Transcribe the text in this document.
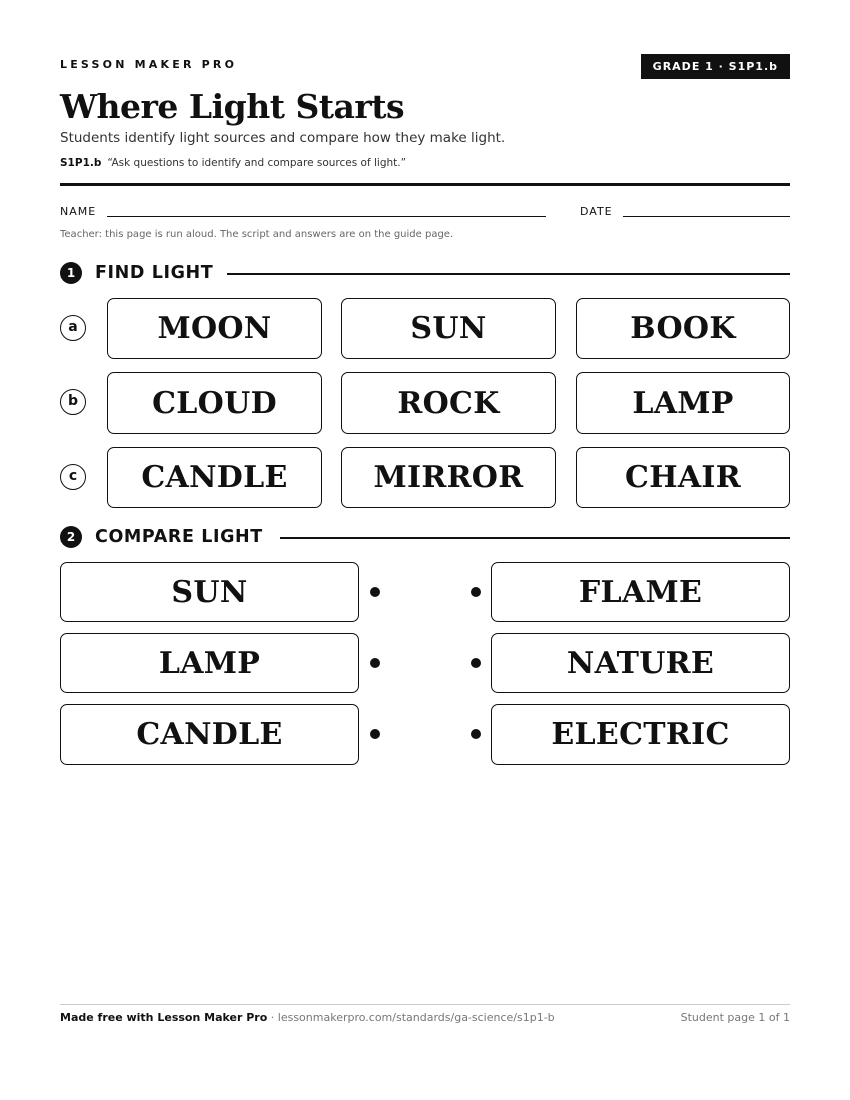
LESSON MAKER PRO	GRADE 1 · S1P1.b
Where Light Starts
Students identify light sources and compare how they make light.
S1P1.b “Ask questions to identify and compare sources of light.”
NAME	DATE
Teacher: this page is run aloud. The script and answers are on the guide page.
1	FIND LIGHT
a	MOON	SUN	BOOK
b CLOUD	ROCK	LAMP
c CANDLE	MIRROR	CHAIR
2	COMPARE LIGHT
SUN	FLAME
LAMP	NATURE
CANDLE	ELECTRIC
Made free with Lesson Maker Pro · lessonmakerpro.com/standards/ga-science/s1p1-b	Student page 1 of 1
